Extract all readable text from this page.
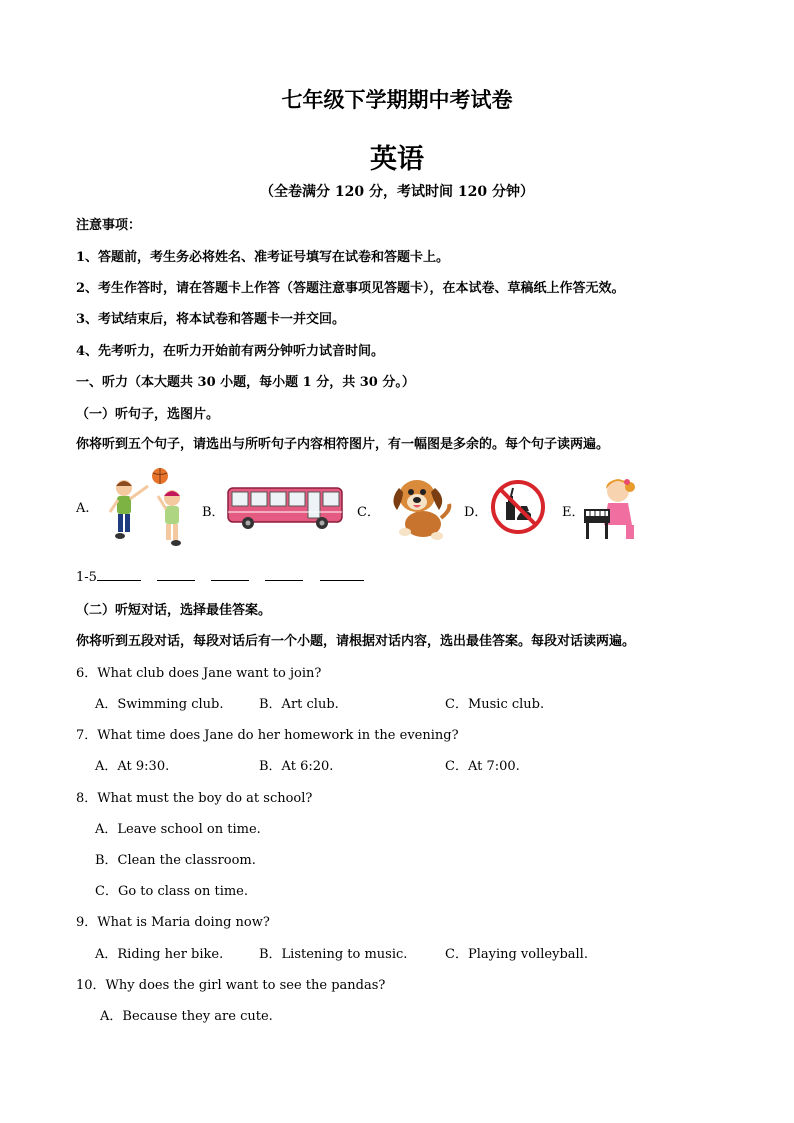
七年级下学期期中考试卷
英语
（全卷满分 120 分，考试时间 120 分钟）
注意事项：
1、答题前，考生务必将姓名、准考证号填写在试卷和答题卡上。
2、考生作答时，请在答题卡上作答（答题注意事项见答题卡），在本试卷、草稿纸上作答无效。
3、考试结束后，将本试卷和答题卡一并交回。
4、先考听力，在听力开始前有两分钟听力试音时间。
一、听力（本大题共 30 小题，每小题 1 分，共 30 分。）
（一）听句子，选图片。
你将听到五个句子，请选出与所听句子内容相符图片，有一幅图是多余的。每个句子读两遍。
A.	B．	C．	D．	E．
1-5
（二）听短对话，选择最佳答案。
你将听到五段对话，每段对话后有一个小题，请根据对话内容，选出最佳答案。每段对话读两遍。
6．What club does Jane want to join?
A．Swimming club.	B．Art club.	C．Music club.
7．What time does Jane do her homework in the evening?
A．At 9:30.	B．At 6:20.	C．At 7:00.
8．What must the boy do at school?
A．Leave school on time.
B．Clean the classroom.
C．Go to class on time.
9．What is Maria doing now?
A．Riding her bike.	B．Listening to music.	C．Playing volleyball.
10．Why does the girl want to see the pandas?
A．Because they are cute.
